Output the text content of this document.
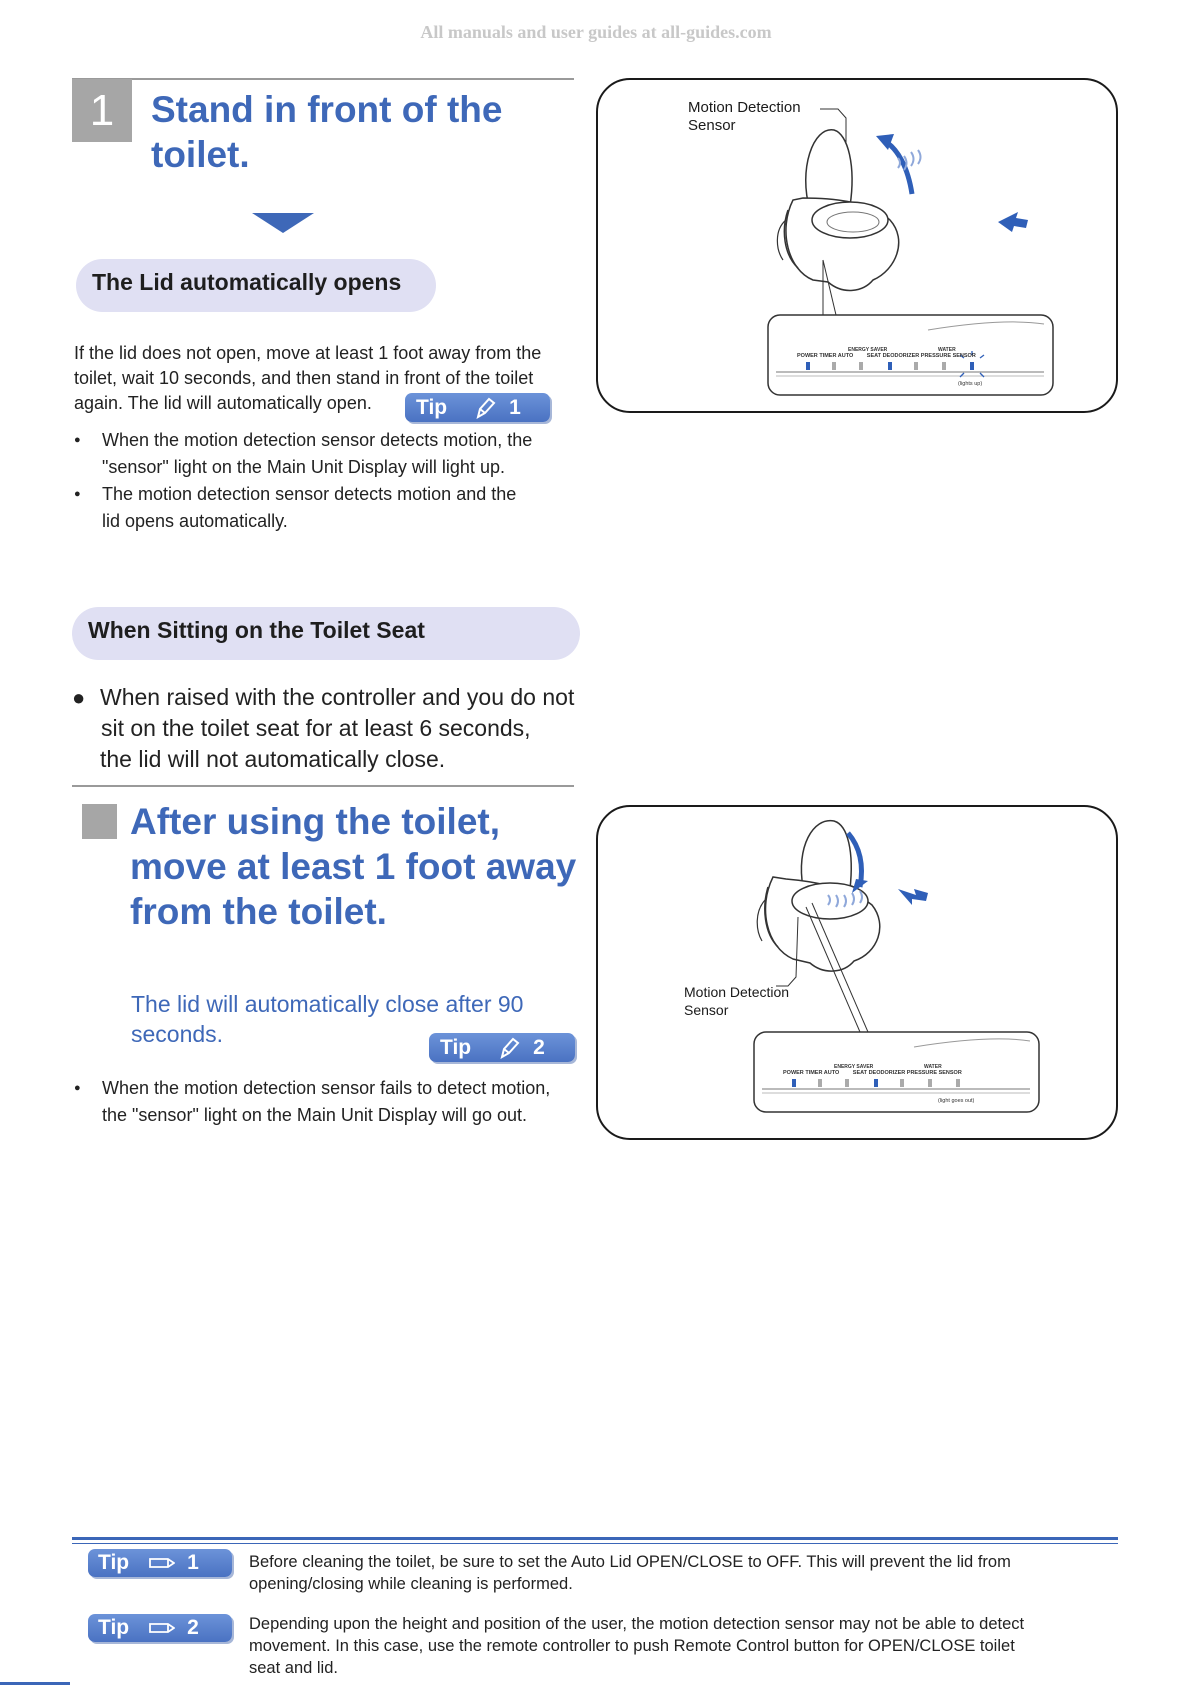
All manuals and user guides at all-guides.com
1 Stand in front of the
toilet.
The Lid automatically opens
If the lid does not open, move at least 1 foot away from the
toilet, wait 10 seconds, and then stand in front of the toilet
again. The lid will automatically open.	Tip	1
● When the motion detection sensor detects motion, the
"sensor" light on the Main Unit Display will light up.
● The motion detection sensor detects motion and the
lid opens automatically.
Motion Detection
Sensor
ENERGY SAVER	WATER
POWER TIMER AUTO SEAT DEODORIZER PRESSURE SENSOR
(lights up)
When Sitting on the Toilet Seat
● When raised with the controller and you do not
sit on the toilet seat for at least 6 seconds,
the lid will not automatically close.
After using the toilet,
move at least 1 foot away
from the toilet.
The lid will automatically close after 90
seconds.	Tip	2
● When the motion detection sensor fails to detect motion,
the "sensor" light on the Main Unit Display will go out.
Motion Detection
Sensor
ENERGY SAVER	WATER
POWER TIMER AUTO SEAT DEODORIZER PRESSURE SENSOR
(light goes out)
Tip	1	Before cleaning the toilet, be sure to set the Auto Lid OPEN/CLOSE to OFF. This will prevent the lid from
opening/closing while cleaning is performed.
Tip	2	Depending upon the height and position of the user, the motion detection sensor may not be able to detect
movement. In this case, use the remote controller to push Remote Control button for OPEN/CLOSE toilet
seat and lid.
